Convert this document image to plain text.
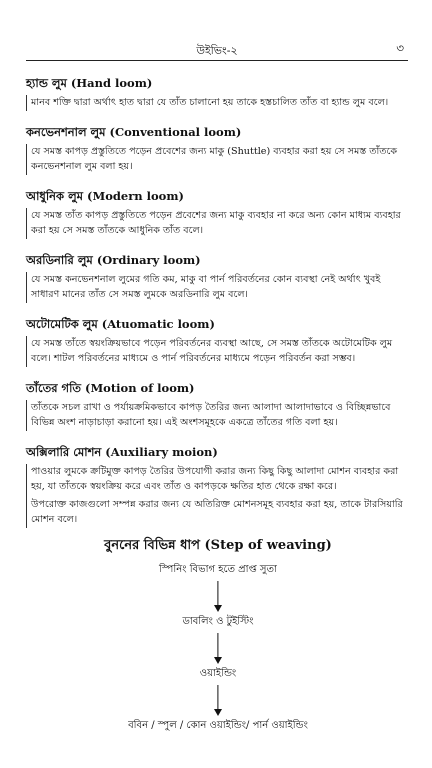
উইভিং-২	৩
হ্যান্ড লুম (Hand loom)

মানব শক্তি দ্বারা অর্থাৎ হাত দ্বারা যে তাঁত চালানো হয় তাকে হস্তচালিত তাঁত বা হ্যান্ড লুম বলে।

কনভেনশনাল লুম (Conventional loom)

যে সমস্ত কাপড় প্রস্তুতিতে পড়েন প্রবেশের জন্য মাকু (Shuttle) ব্যবহার করা হয় সে সমস্ত তাঁতকে কনভেনশনাল লুম বলা হয়।

আধুনিক লুম (Modern loom)

যে সমস্ত তাঁত কাপড় প্রস্তুতিতে পড়েন প্রবেশের জন্য মাকু ব্যবহার না করে অন্য কোন মাধ্যম ব্যবহার করা হয় সে সমস্ত তাঁতকে আধুনিক তাঁত বলে।

অরডিনারি লুম (Ordinary loom)

যে সমস্ত কনভেনশনাল লুমের গতি কম, মাকু বা পার্ন পরিবর্তনের কোন ব্যবস্থা নেই অর্থাৎ খুবই সাধারণ মানের তাঁত সে সমস্ত লুমকে অরডিনারি লুম বলে।

অটোমেটিক লুম (Atuomatic loom)

যে সমস্ত তাঁতে স্বয়ংক্রিয়ভাবে পড়েন পরিবর্তনের ব্যবস্থা আছে, সে সমস্ত তাঁতকে অটোমেটিক লুম বলে। শাটল পরিবর্তনের মাধ্যমে ও পার্ন পরিবর্তনের মাধ্যমে পড়েন পরিবর্তন করা সম্ভব।

তাঁতের গতি (Motion of loom)

তাঁতকে সচল রাখা ও পর্যায়ক্রমিকভাবে কাপড় তৈরির জন্য আলাদা আলাদাভাবে ও বিচ্ছিন্নভাবে বিভিন্ন অংশ নাড়াচাড়া করানো হয়। এই অংশসমূহকে একত্রে তাঁতের গতি বলা হয়।

অক্সিলারি মোশন (Auxiliary moion)

পাওয়ার লুমকে ক্রটিমুক্ত কাপড় তৈরির উপযোগী করার জন্য কিছু কিছু আলাদা মোশন ব্যবহার করা হয়, যা তাঁতকে স্বয়ংক্রিয় করে এবং তাঁত ও কাপড়কে ক্ষতির হাত থেকে রক্ষা করে।

উপরোক্ত কাজগুলো সম্পন্ন করার জন্য যে অতিরিক্ত মোশনসমূহ ব্যবহার করা হয়, তাকে টারসিয়ারি মোশন বলে।

বুননের বিভিন্ন ধাপ (Step of weaving)
স্পিনিং বিভাগ হতে প্রাপ্ত সুতা
ডাবলিং ও টুইস্টিং
ওয়াইন্ডিং
ববিন / স্পুল / কোন ওয়াইন্ডিং/ পার্ন ওয়াইন্ডিং
